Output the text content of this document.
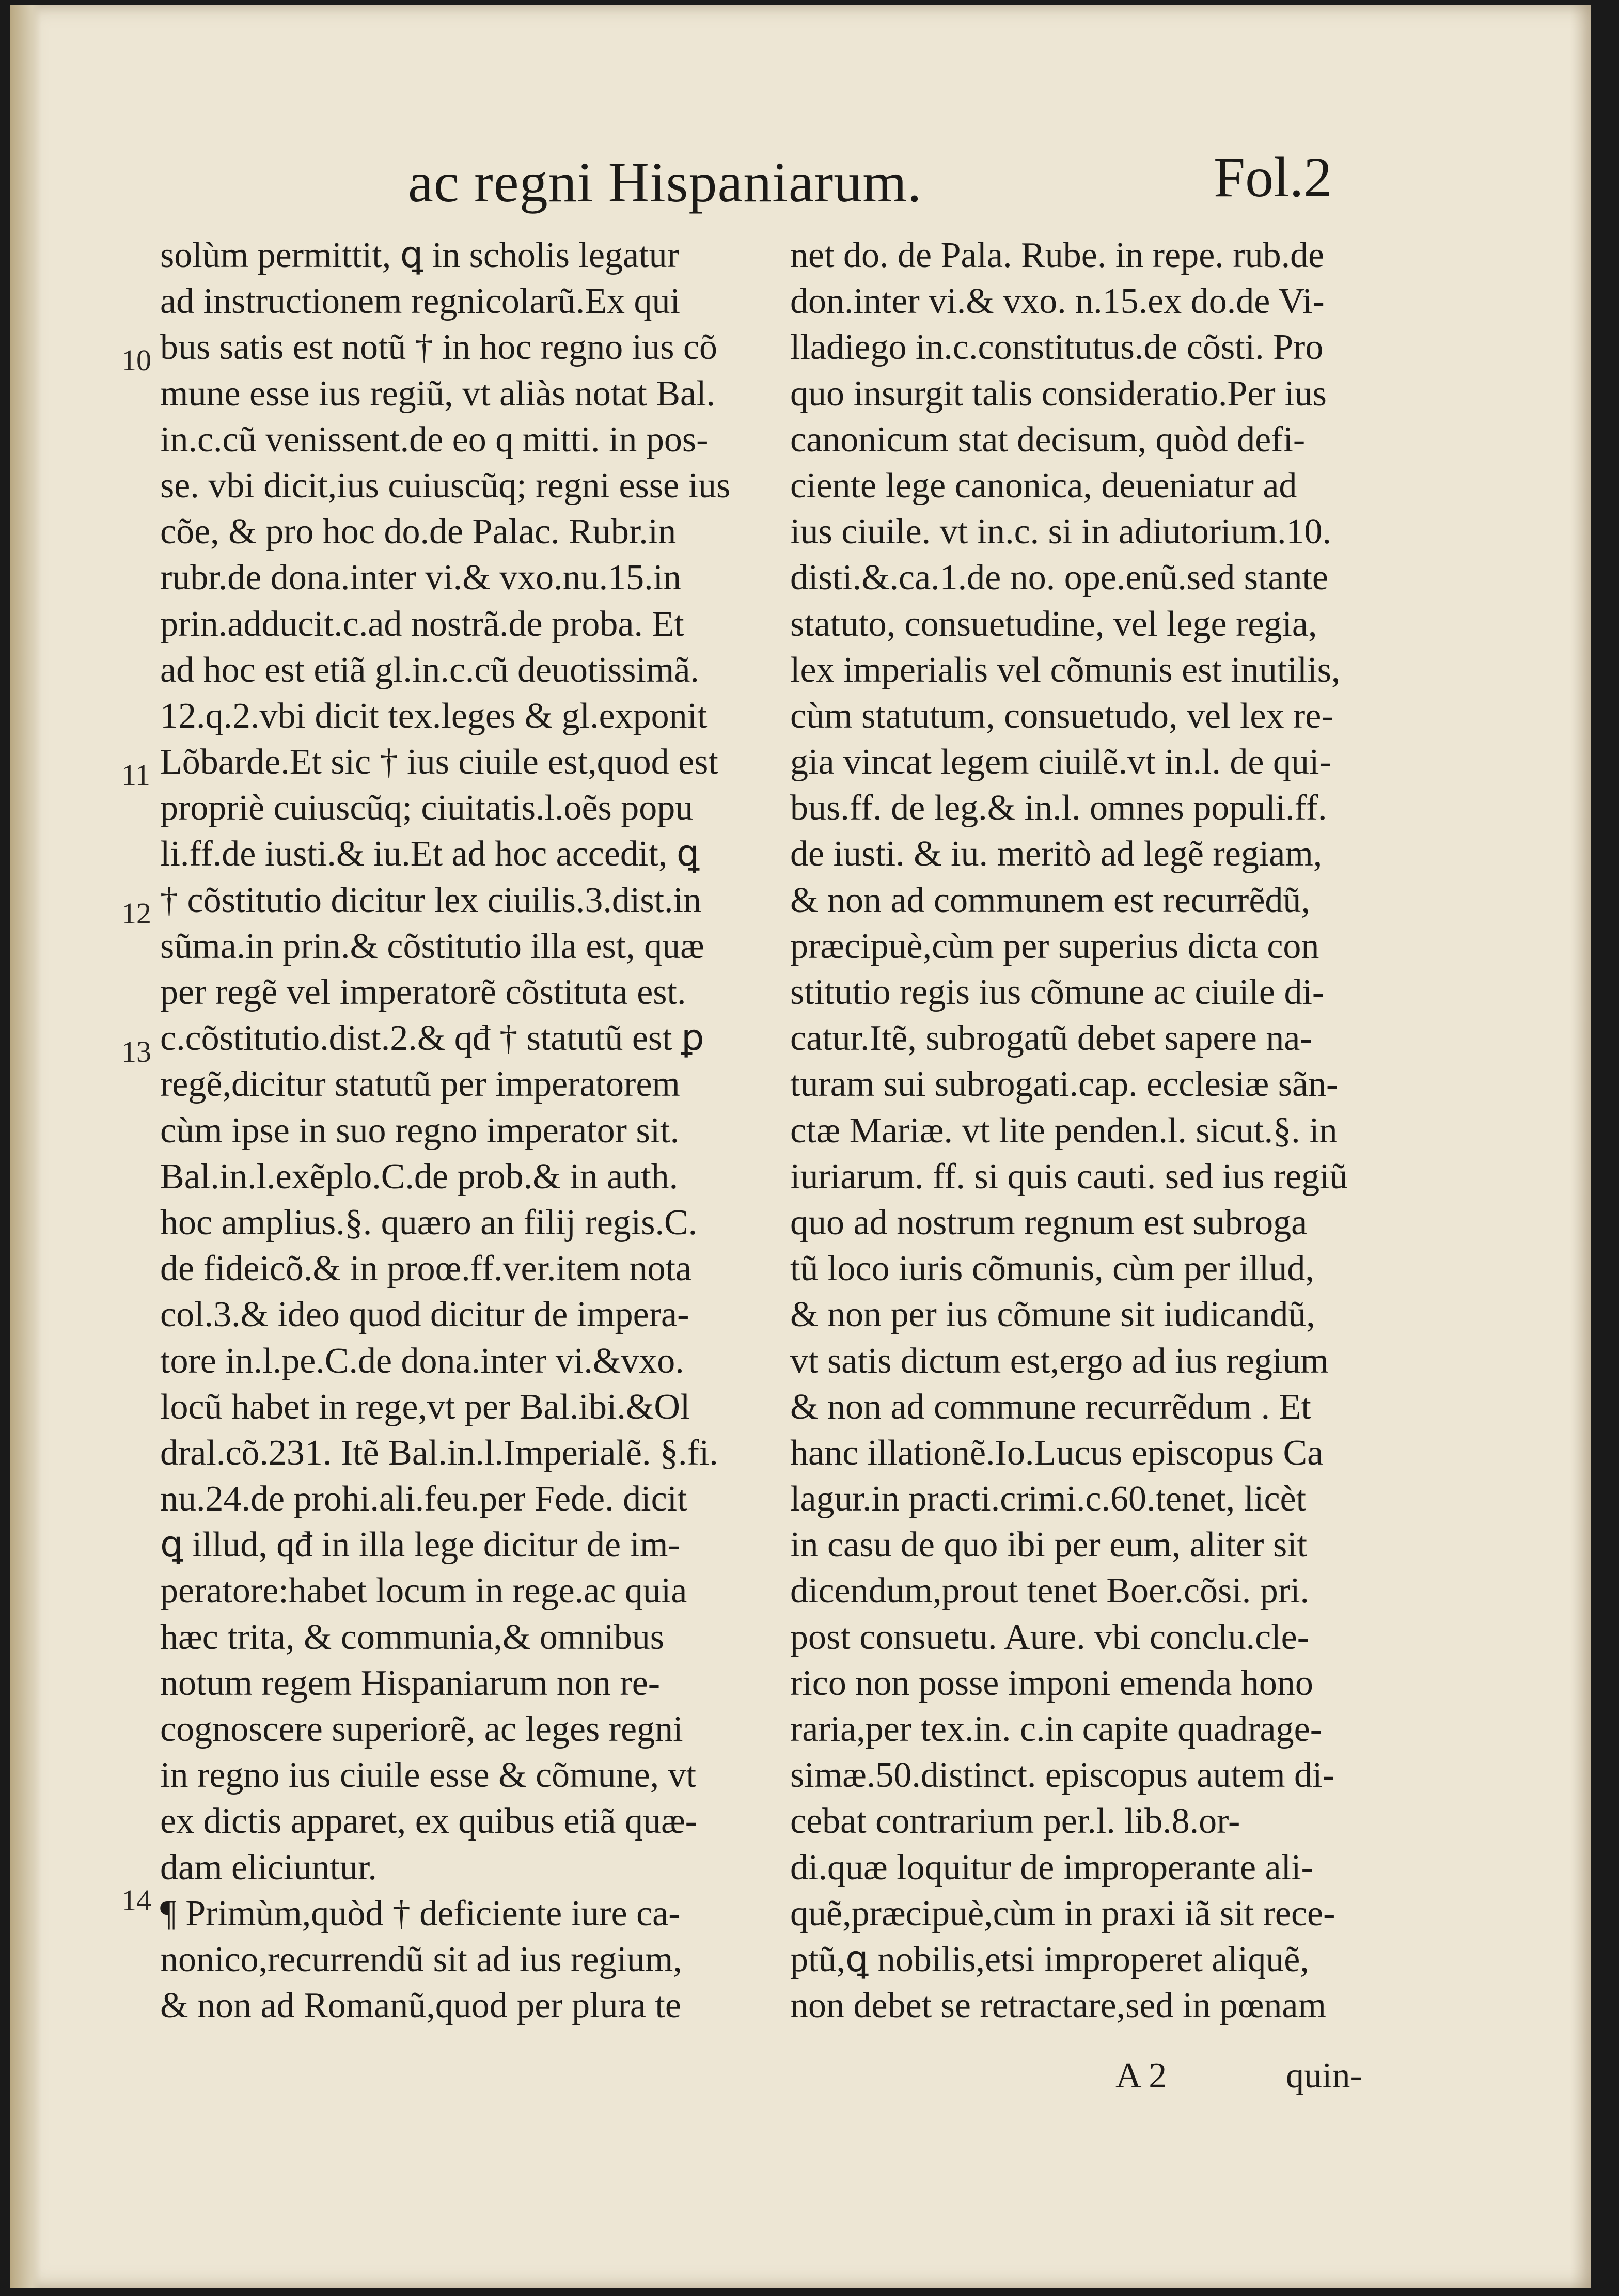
ac regni Hispaniarum.	Fol.2
10
11
12
13
14
solùm permittit, ꝗ in scholis legatur
ad instructionem regnicolarũ.Ex qui
bus satis est notũ † in hoc regno ius cõ
mune esse ius regiũ, vt aliàs notat Bal.
in.c.cũ venissent.de eo q mitti. in pos-
se. vbi dicit,ius cuiuscũq; regni esse ius
cõe, & pro hoc do.de Palac. Rubr.in
rubr.de dona.inter vi.& vxo.nu.15.in
prin.adducit.c.ad nostrã.de proba. Et
ad hoc est etiã gl.in.c.cũ deuotissimã.
12.q.2.vbi dicit tex.leges & gl.exponit
Lõbarde.Et sic † ius ciuile est,quod est
propriè cuiuscũq; ciuitatis.l.oẽs popu
li.ff.de iusti.& iu.Et ad hoc accedit, ꝗ
† cõstitutio dicitur lex ciuilis.3.dist.in
sũma.in prin.& cõstitutio illa est, quæ
per regẽ vel imperatorẽ cõstituta est.
c.cõstitutio.dist.2.& qđ † statutũ est ꝑ
regẽ,dicitur statutũ per imperatorem
cùm ipse in suo regno imperator sit.
Bal.in.l.exẽplo.C.de prob.& in auth.
hoc amplius.§. quæro an filij regis.C.
de fideicõ.& in proœ.ff.ver.item nota
col.3.& ideo quod dicitur de impera-
tore in.l.pe.C.de dona.inter vi.&vxo.
locũ habet in rege,vt per Bal.ibi.&Ol
dral.cõ.231. Itẽ Bal.in.l.Imperialẽ. §.fi.
nu.24.de prohi.ali.feu.per Fede. dicit
ꝗ illud, qđ in illa lege dicitur de im-
peratore:habet locum in rege.ac quia
hæc trita, & communia,& omnibus
notum regem Hispaniarum non re-
cognoscere superiorẽ, ac leges regni
in regno ius ciuile esse & cõmune, vt
ex dictis apparet, ex quibus etiã quæ-
dam eliciuntur.
¶ Primùm,quòd † deficiente iure ca-
nonico,recurrendũ sit ad ius regium,
& non ad Romanũ,quod per plura te
net do. de Pala. Rube. in repe. rub.de
don.inter vi.& vxo. n.15.ex do.de Vi-
lladiego in.c.constitutus.de cõsti. Pro
quo insurgit talis consideratio.Per ius
canonicum stat decisum, quòd defi-
ciente lege canonica, deueniatur ad
ius ciuile. vt in.c. si in adiutorium.10.
disti.&.ca.1.de no. ope.enũ.sed stante
statuto, consuetudine, vel lege regia,
lex imperialis vel cõmunis est inutilis,
cùm statutum, consuetudo, vel lex re-
gia vincat legem ciuilẽ.vt in.l. de qui-
bus.ff. de leg.& in.l. omnes populi.ff.
de iusti. & iu. meritò ad legẽ regiam,
& non ad communem est recurrẽdũ,
præcipuè,cùm per superius dicta con
stitutio regis ius cõmune ac ciuile di-
catur.Itẽ, subrogatũ debet sapere na-
turam sui subrogati.cap. ecclesiæ sãn-
ctæ Mariæ. vt lite penden.l. sicut.§. in
iuriarum. ff. si quis cauti. sed ius regiũ
quo ad nostrum regnum est subroga
tũ loco iuris cõmunis, cùm per illud,
& non per ius cõmune sit iudicandũ,
vt satis dictum est,ergo ad ius regium
& non ad commune recurrẽdum . Et
hanc illationẽ.Io.Lucus episcopus Ca
lagur.in practi.crimi.c.60.tenet, licèt
in casu de quo ibi per eum, aliter sit
dicendum,prout tenet Boer.cõsi. pri.
post consuetu. Aure. vbi conclu.cle-
rico non posse imponi emenda hono
raria,per tex.in. c.in capite quadrage-
simæ.50.distinct. episcopus autem di-
cebat contrarium per.l. lib.8.or-
di.quæ loquitur de improperante ali-
quẽ,præcipuè,cùm in praxi iã sit rece-
ptũ,ꝗ nobilis,etsi improperet aliquẽ,
non debet se retractare,sed in pœnam
A 2	quin-
